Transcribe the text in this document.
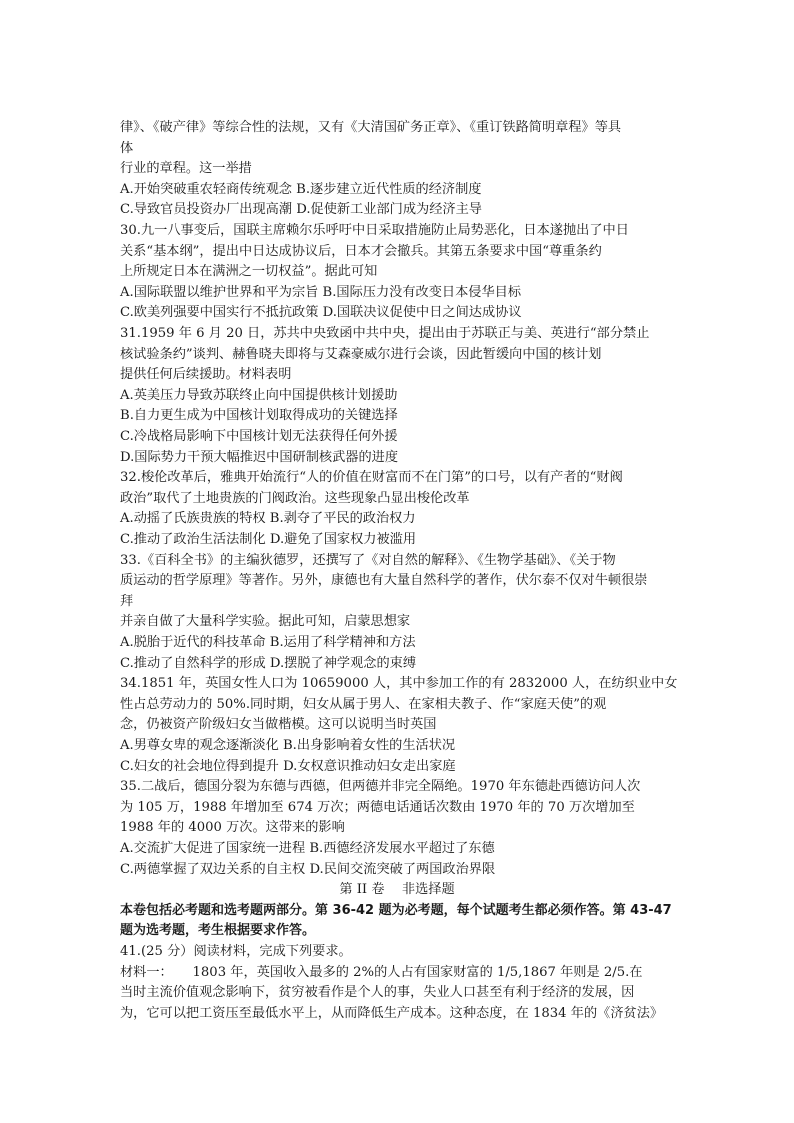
律》、《破产律》等综合性的法规，又有《大清国矿务正章》、《重订铁路简明章程》等具

体

行业的章程。这一举措

A.开始突破重农轻商传统观念 B.逐步建立近代性质的经济制度

C.导致官员投资办厂出现高潮 D.促使新工业部门成为经济主导

30.九一八事变后，国联主席赖尔乐呼吁中日采取措施防止局势恶化，日本遂抛出了中日

关系“基本纲”，提出中日达成协议后，日本才会撤兵。其第五条要求中国“尊重条约

上所规定日本在满洲之一切权益”。据此可知

A.国际联盟以维护世界和平为宗旨 B.国际压力没有改变日本侵华目标

C.欧美列强要中国实行不抵抗政策 D.国联决议促使中日之间达成协议

31.1959 年 6 月 20 日，苏共中央致函中共中央，提出由于苏联正与美、英进行“部分禁止

核试验条约”谈判、赫鲁晓夫即将与艾森豪威尔进行会谈，因此暂缓向中国的核计划

提供任何后续援助。材料表明

A.英美压力导致苏联终止向中国提供核计划援助

B.自力更生成为中国核计划取得成功的关键选择

C.冷战格局影响下中国核计划无法获得任何外援

D.国际势力干预大幅推迟中国研制核武器的进度

32.梭伦改革后，雅典开始流行“人的价值在财富而不在门第”的口号，以有产者的“财阀

政治”取代了土地贵族的门阀政治。这些现象凸显出梭伦改革

A.动摇了氏族贵族的特权 B.剥夺了平民的政治权力

C.推动了政治生活法制化 D.避免了国家权力被滥用

33.《百科全书》的主编狄德罗，还撰写了《对自然的解释》、《生物学基础》、《关于物

质运动的哲学原理》等著作。另外，康德也有大量自然科学的著作，伏尔泰不仅对牛顿很崇

拜

并亲自做了大量科学实验。据此可知，启蒙思想家

A.脱胎于近代的科技革命 B.运用了科学精神和方法

C.推动了自然科学的形成 D.摆脱了神学观念的束缚

34.1851 年，英国女性人口为 10659000 人，其中参加工作的有 2832000 人，在纺织业中女

性占总劳动力的 50%.同时期，妇女从属于男人、在家相夫教子、作“家庭天使”的观

念，仍被资产阶级妇女当做楷模。这可以说明当时英国

A.男尊女卑的观念逐渐淡化 B.出身影响着女性的生活状况

C.妇女的社会地位得到提升 D.女权意识推动妇女走出家庭

35.二战后，德国分裂为东德与西德，但两德并非完全隔绝。1970 年东德赴西德访问人次

为 105 万，1988 年增加至 674 万次；两德电话通话次数由 1970 年的 70 万次增加至

1988 年的 4000 万次。这带来的影响

A.交流扩大促进了国家统一进程 B.西德经济发展水平超过了东德

C.两德掌握了双边关系的自主权 D.民间交流突破了两国政治界限

第 II 卷　 非选择题

本卷包括必考题和选考题两部分。第 36-42 题为必考题，每个试题考生都必须作答。第 43-47

题为选考题，考生根据要求作答。

41.(25 分）阅读材料，完成下列要求。

材料一：　　1803 年，英国收入最多的 2%的人占有国家财富的 1/5,1867 年则是 2/5.在

当时主流价值观念影响下，贫穷被看作是个人的事，失业人口甚至有利于经济的发展，因

为，它可以把工资压至最低水平上，从而降低生产成本。这种态度，在 1834 年的《济贫法》
